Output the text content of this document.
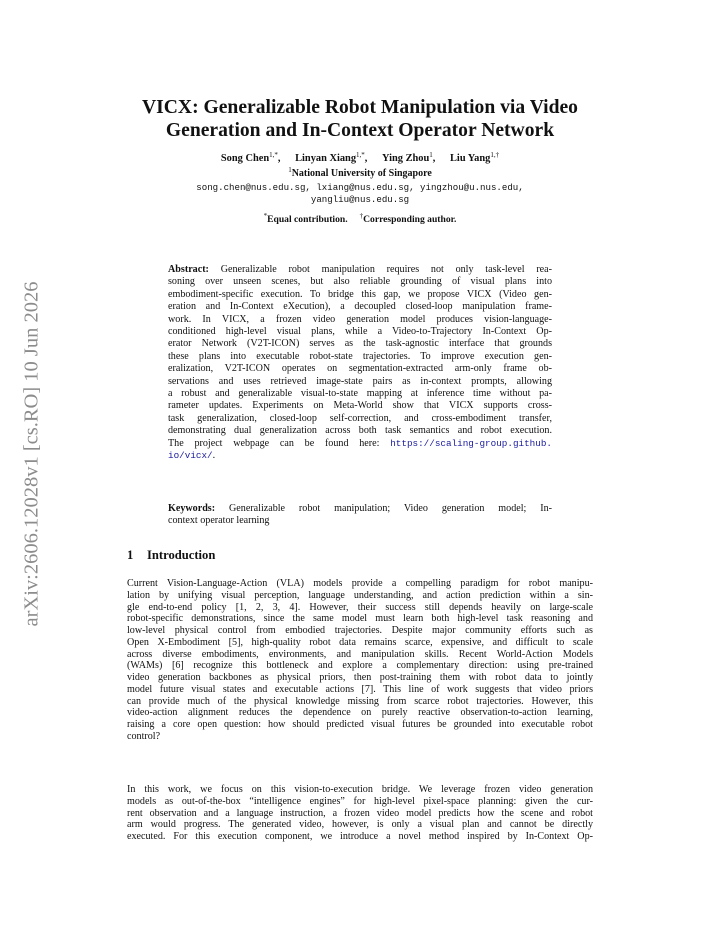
arXiv:2606.12028v1 [cs.RO] 10 Jun 2026
VICX: Generalizable Robot Manipulation via Video
Generation and In-Context Operator Network
Song Chen$^{1,*}$, Linyan Xiang$^{1,*}$, Ying Zhou$^1$, Liu Yang$^{1,\dagger}$
$^1$National University of Singapore
song.chen@nus.edu.sg, lxiang@nus.edu.sg, yingzhou@u.nus.edu,
yangliu@nus.edu.sg
*Equal contribution. †Corresponding author.
Abstract: Generalizable robot manipulation requires not only task-level rea-
soning over unseen scenes, but also reliable grounding of visual plans into
embodiment-specific execution. To bridge this gap, we propose VICX (Video gen-
eration and In-Context eXecution), a decoupled closed-loop manipulation frame-
work. In VICX, a frozen video generation model produces vision-language-
conditioned high-level visual plans, while a Video-to-Trajectory In-Context Op-
erator Network (V2T-ICON) serves as the task-agnostic interface that grounds
these plans into executable robot-state trajectories. To improve execution gen-
eralization, V2T-ICON operates on segmentation-extracted arm-only frame ob-
servations and uses retrieved image-state pairs as in-context prompts, allowing
a robust and generalizable visual-to-state mapping at inference time without pa-
rameter updates. Experiments on Meta-World show that VICX supports cross-
task generalization, closed-loop self-correction, and cross-embodiment transfer,
demonstrating dual generalization across both task semantics and robot execution.
The project webpage can be found here: https://scaling-group.github.
io/vicx/.
Keywords: Generalizable robot manipulation; Video generation model; In-
context operator learning
1 Introduction
Current Vision-Language-Action (VLA) models provide a compelling paradigm for robot manipu-
lation by unifying visual perception, language understanding, and action prediction within a sin-
gle end-to-end policy [1, 2, 3, 4]. However, their success still depends heavily on large-scale
robot-specific demonstrations, since the same model must learn both high-level task reasoning and
low-level physical control from embodied trajectories. Despite major community efforts such as
Open X-Embodiment [5], high-quality robot data remains scarce, expensive, and difficult to scale
across diverse embodiments, environments, and manipulation skills. Recent World-Action Models
(WAMs) [6] recognize this bottleneck and explore a complementary direction: using pre-trained
video generation backbones as physical priors, then post-training them with robot data to jointly
model future visual states and executable actions [7]. This line of work suggests that video priors
can provide much of the physical knowledge missing from scarce robot trajectories. However, this
video-action alignment reduces the dependence on purely reactive observation-to-action learning,
raising a core open question: how should predicted visual futures be grounded into executable robot
control?
In this work, we focus on this vision-to-execution bridge. We leverage frozen video generation
models as out-of-the-box “intelligence engines” for high-level pixel-space planning: given the cur-
rent observation and a language instruction, a frozen video model predicts how the scene and robot
arm would progress. The generated video, however, is only a visual plan and cannot be directly
executed. For this execution component, we introduce a novel method inspired by In-Context Op-
